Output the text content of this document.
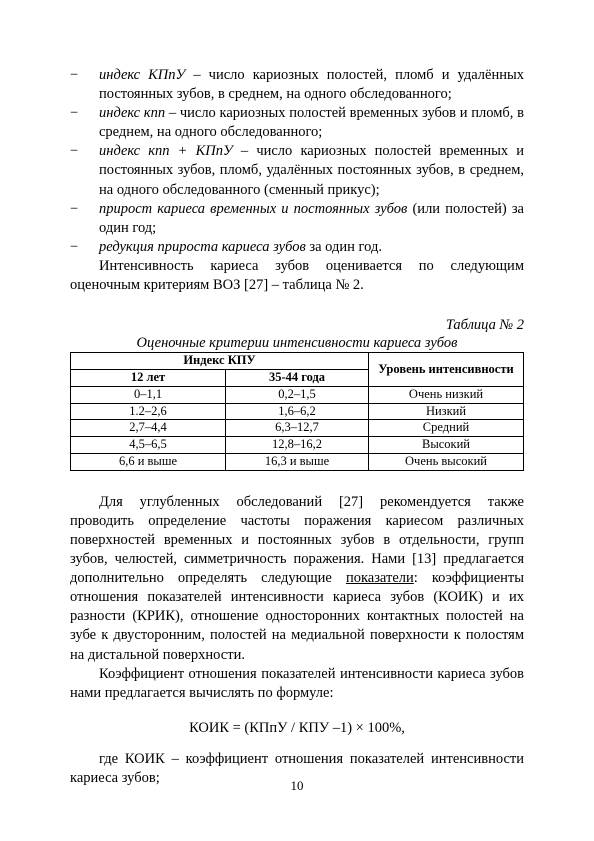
− индекс КПпУ – число кариозных полостей, пломб и удалённых постоянных зубов, в среднем, на одного обследованного;
− индекс кпп – число кариозных полостей временных зубов и пломб, в среднем, на одного обследованного;
− индекс кпп + КПпУ – число кариозных полостей временных и постоянных зубов, пломб, удалённых постоянных зубов, в среднем, на одного обследованного (сменный прикус);
− прирост кариеса временных и постоянных зубов (или полостей) за один год;
− редукция прироста кариеса зубов за один год.

Интенсивность кариеса зубов оценивается по следующим оценочным критериям ВОЗ [27] – таблица № 2.

Таблица № 2

Оценочные критерии интенсивности кариеса зубов

Индекс КПУ		Уровень интенсивности
12 лет	35-44 года	
0–1,1	0,2–1,5	Очень низкий
1.2–2,6	1,6–6,2	Низкий
2,7–4,4	6,3–12,7	Средний
4,5–6,5	12,8–16,2	Высокий
6,6 и выше	16,3 и выше	Очень высокий

Для углубленных обследований [27] рекомендуется также проводить определение частоты поражения кариесом различных поверхностей временных и постоянных зубов в отдельности, групп зубов, челюстей, симметричность поражения. Нами [13] предлагается дополнительно определять следующие показатели: коэффициенты отношения показателей интенсивности кариеса зубов (КОИК) и их разности (КРИК), отношение односторонних контактных полостей на зубе к двусторонним, полостей на медиальной поверхности к полостям на дистальной поверхности.

Коэффициент отношения показателей интенсивности кариеса зубов нами предлагается вычислять по формуле:

КОИК = (КПпУ / КПУ –1) × 100%,

где КОИК – коэффициент отношения показателей интенсивности кариеса зубов;	10
